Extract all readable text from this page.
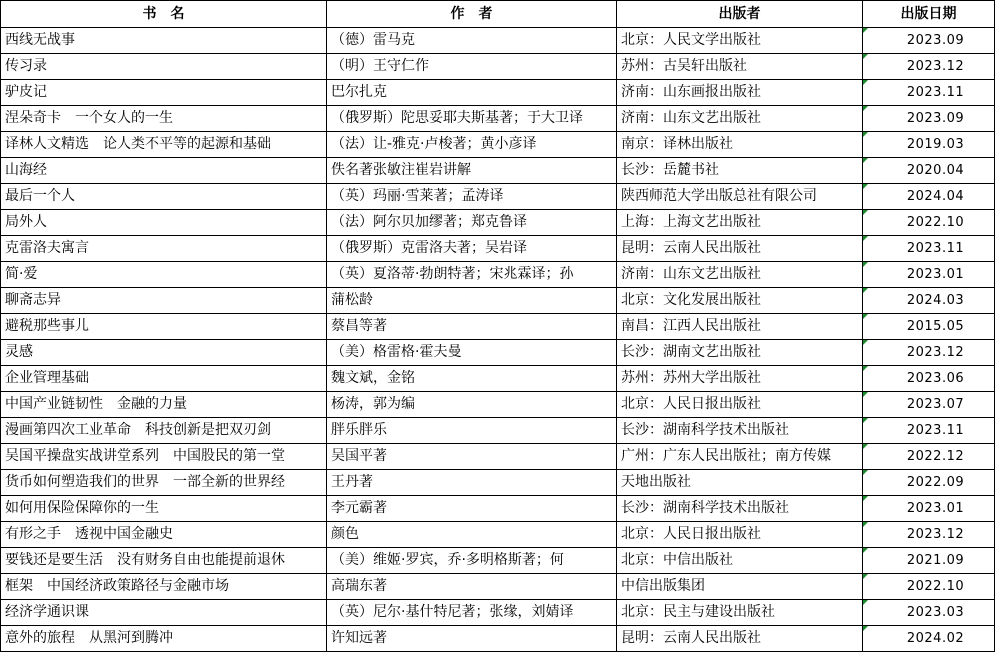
书　名	作　者	出版者	出版日期
西线无战事	（德）雷马克	北京：人民文学出版社	2023.09
传习录	（明）王守仁作	苏州：古吴轩出版社	2023.12
驴皮记	巴尔扎克	济南：山东画报出版社	2023.11
涅朵奇卡　一个女人的一生	（俄罗斯）陀思妥耶夫斯基著；于大卫译	济南：山东文艺出版社	2023.09
译林人文精选　论人类不平等的起源和基础	（法）让-雅克·卢梭著；黄小彦译	南京：译林出版社	2019.03
山海经	佚名著张敏注崔岩讲解	长沙：岳麓书社	2020.04
最后一个人	（英）玛丽·雪莱著；孟涛译	陕西师范大学出版总社有限公司	2024.04
局外人	（法）阿尔贝加缪著；郑克鲁译	上海：上海文艺出版社	2022.10
克雷洛夫寓言	（俄罗斯）克雷洛夫著；吴岩译	昆明：云南人民出版社	2023.11
简·爱	（英）夏洛蒂·勃朗特著；宋兆霖译；孙	济南：山东文艺出版社	2023.01
聊斋志异	蒲松龄	北京：文化发展出版社	2024.03
避税那些事儿	蔡昌等著	南昌：江西人民出版社	2015.05
灵感	（美）格雷格·霍夫曼	长沙：湖南文艺出版社	2023.12
企业管理基础	魏文斌，金铭	苏州：苏州大学出版社	2023.06
中国产业链韧性　金融的力量	杨涛，郭为编	北京：人民日报出版社	2023.07
漫画第四次工业革命　科技创新是把双刃剑	胖乐胖乐	长沙：湖南科学技术出版社	2023.11
吴国平操盘实战讲堂系列　中国股民的第一堂	吴国平著	广州：广东人民出版社；南方传媒	2022.12
货币如何塑造我们的世界　一部全新的世界经	王丹著	天地出版社	2022.09
如何用保险保障你的一生	李元霸著	长沙：湖南科学技术出版社	2023.01
有形之手　透视中国金融史	颜色	北京：人民日报出版社	2023.12
要钱还是要生活　没有财务自由也能提前退休	（美）维姬·罗宾，乔·多明格斯著；何	北京：中信出版社	2021.09
框架　中国经济政策路径与金融市场	高瑞东著	中信出版集团	2022.10
经济学通识课	（英）尼尔·基什特尼著；张缘，刘婧译	北京：民主与建设出版社	2023.03
意外的旅程　从黑河到腾冲	许知远著	昆明：云南人民出版社	2024.02
